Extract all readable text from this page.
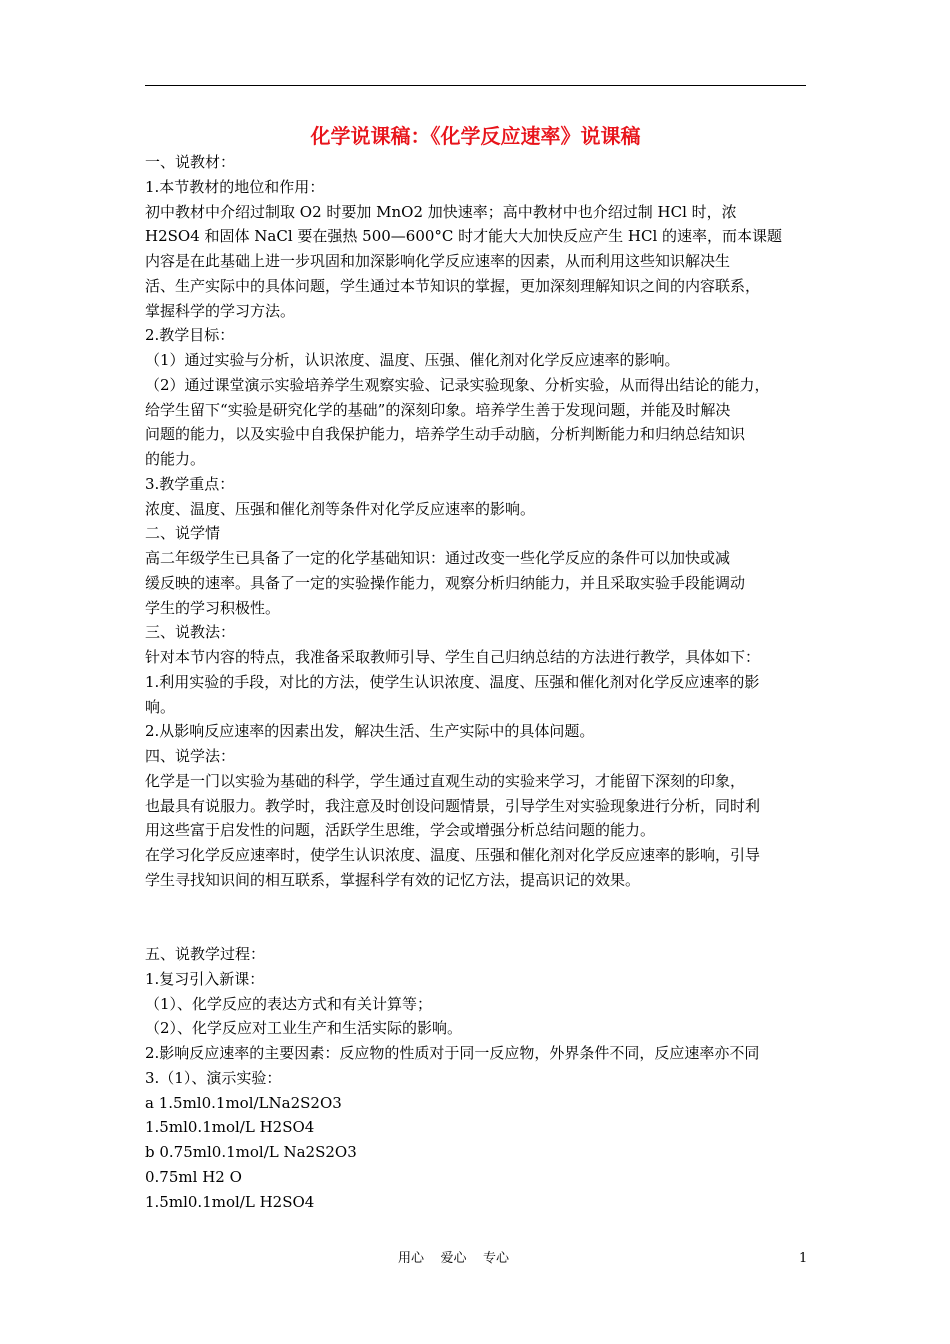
化学说课稿：《化学反应速率》说课稿
一、说教材：
1.本节教材的地位和作用：
初中教材中介绍过制取 O2 时要加 MnO2 加快速率；高中教材中也介绍过制 HCl 时，浓
H2SO4 和固体 NaCl 要在强热 500—600°C 时才能大大加快反应产生 HCl 的速率，而本课题
内容是在此基础上进一步巩固和加深影响化学反应速率的因素，从而利用这些知识解决生
活、生产实际中的具体问题，学生通过本节知识的掌握，更加深刻理解知识之间的内容联系，
掌握科学的学习方法。
2.教学目标：
（1）通过实验与分析，认识浓度、温度、压强、催化剂对化学反应速率的影响。
（2）通过课堂演示实验培养学生观察实验、记录实验现象、分析实验，从而得出结论的能力，
给学生留下“实验是研究化学的基础”的深刻印象。培养学生善于发现问题，并能及时解决
问题的能力，以及实验中自我保护能力，培养学生动手动脑，分析判断能力和归纳总结知识
的能力。
3.教学重点：
浓度、温度、压强和催化剂等条件对化学反应速率的影响。
二、说学情
高二年级学生已具备了一定的化学基础知识：通过改变一些化学反应的条件可以加快或减
缓反映的速率。具备了一定的实验操作能力，观察分析归纳能力，并且采取实验手段能调动
学生的学习积极性。
三、说教法：
针对本节内容的特点，我准备采取教师引导、学生自己归纳总结的方法进行教学，具体如下：
1.利用实验的手段，对比的方法，使学生认识浓度、温度、压强和催化剂对化学反应速率的影
响。
2.从影响反应速率的因素出发，解决生活、生产实际中的具体问题。
四、说学法：
化学是一门以实验为基础的科学，学生通过直观生动的实验来学习，才能留下深刻的印象，
也最具有说服力。教学时，我注意及时创设问题情景，引导学生对实验现象进行分析，同时利
用这些富于启发性的问题，活跃学生思维，学会或增强分析总结问题的能力。
在学习化学反应速率时，使学生认识浓度、温度、压强和催化剂对化学反应速率的影响，引导
学生寻找知识间的相互联系，掌握科学有效的记忆方法，提高识记的效果。
五、说教学过程：
1.复习引入新课：
（1）、化学反应的表达方式和有关计算等；
（2）、化学反应对工业生产和生活实际的影响。
2.影响反应速率的主要因素：反应物的性质对于同一反应物，外界条件不同，反应速率亦不同
3.（1）、演示实验：
a 1.5ml0.1mol/LNa2S2O3
1.5ml0.1mol/L H2SO4
b 0.75ml0.1mol/L Na2S2O3
0.75ml H2 O
1.5ml0.1mol/L H2SO4
用心    爱心    专心	1
